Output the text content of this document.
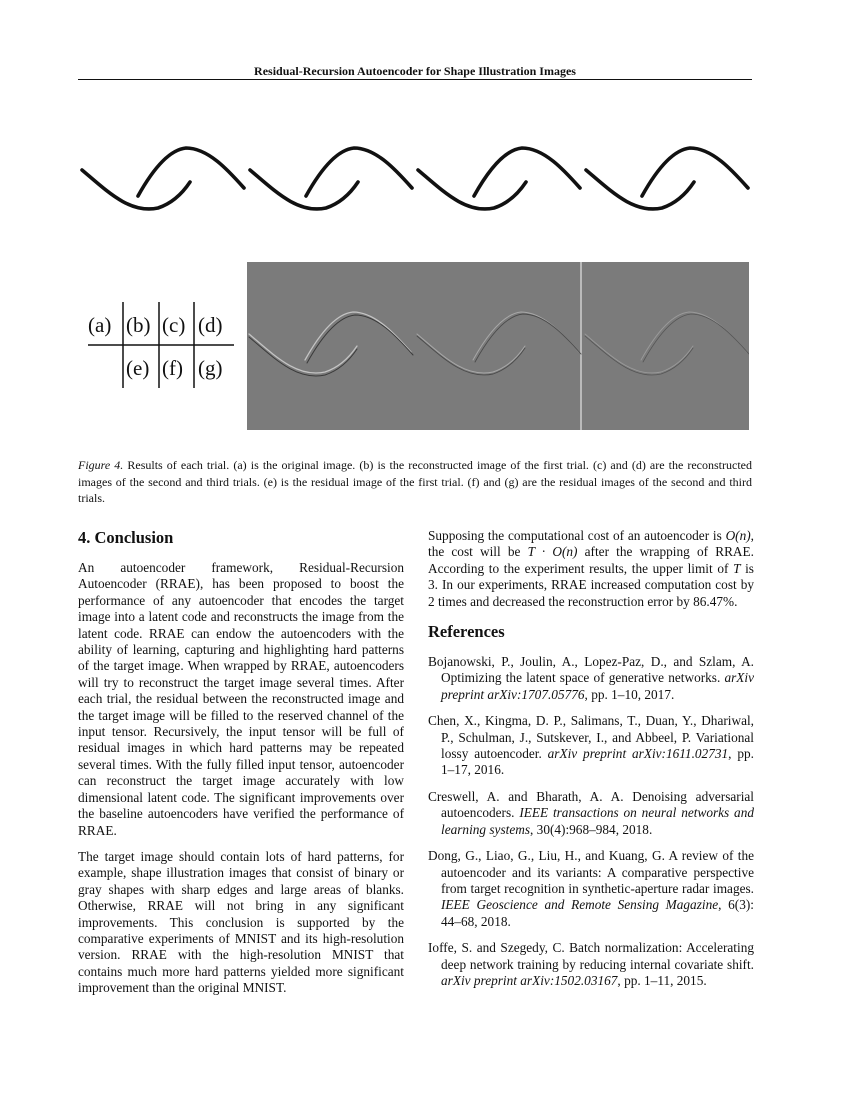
Residual-Recursion Autoencoder for Shape Illustration Images
(a) (b) (c) (d)
(e) (f) (g)
Figure 4. Results of each trial. (a) is the original image. (b) is the reconstructed image of the first trial. (c) and (d) are the reconstructed images of the second and third trials. (e) is the residual image of the first trial. (f) and (g) are the residual images of the second and third trials.
4. Conclusion

An autoencoder framework, Residual-Recursion Autoencoder (RRAE), has been proposed to boost the performance of any autoencoder that encodes the target image into a latent code and reconstructs the image from the latent code. RRAE can endow the autoencoders with the ability of learning, capturing and highlighting hard patterns of the target image. When wrapped by RRAE, autoencoders will try to reconstruct the target image several times. After each trial, the residual between the reconstructed image and the target image will be filled to the reserved channel of the input tensor. Recursively, the input tensor will be full of residual images in which hard patterns may be repeated several times. With the fully filled input tensor, autoencoder can reconstruct the target image accurately with low dimensional latent code. The significant improvements over the baseline autoencoders have verified the performance of RRAE.

The target image should contain lots of hard patterns, for example, shape illustration images that consist of binary or gray shapes with sharp edges and large areas of blanks. Otherwise, RRAE will not bring in any significant improvements. This conclusion is supported by the comparative experiments of MNIST and its high-resolution version. RRAE with the high-resolution MNIST that contains much more hard patterns yielded more significant improvement than the original MNIST.

Supposing the computational cost of an autoencoder is O(n), the cost will be T · O(n) after the wrapping of RRAE. According to the experiment results, the upper limit of T is 3. In our experiments, RRAE increased computation cost by 2 times and decreased the reconstruction error by 86.47%.

References
Bojanowski, P., Joulin, A., Lopez-Paz, D., and Szlam, A. Optimizing the latent space of generative networks. arXiv preprint arXiv:1707.05776, pp. 1–10, 2017.
Chen, X., Kingma, D. P., Salimans, T., Duan, Y., Dhariwal, P., Schulman, J., Sutskever, I., and Abbeel, P. Variational lossy autoencoder. arXiv preprint arXiv:1611.02731, pp. 1–17, 2016.
Creswell, A. and Bharath, A. A. Denoising adversarial autoencoders. IEEE transactions on neural networks and learning systems, 30(4):968–984, 2018.
Dong, G., Liao, G., Liu, H., and Kuang, G. A review of the autoencoder and its variants: A comparative perspective from target recognition in synthetic-aperture radar images. IEEE Geoscience and Remote Sensing Magazine, 6(3): 44–68, 2018.
Ioffe, S. and Szegedy, C. Batch normalization: Accelerating deep network training by reducing internal covariate shift. arXiv preprint arXiv:1502.03167, pp. 1–11, 2015.
